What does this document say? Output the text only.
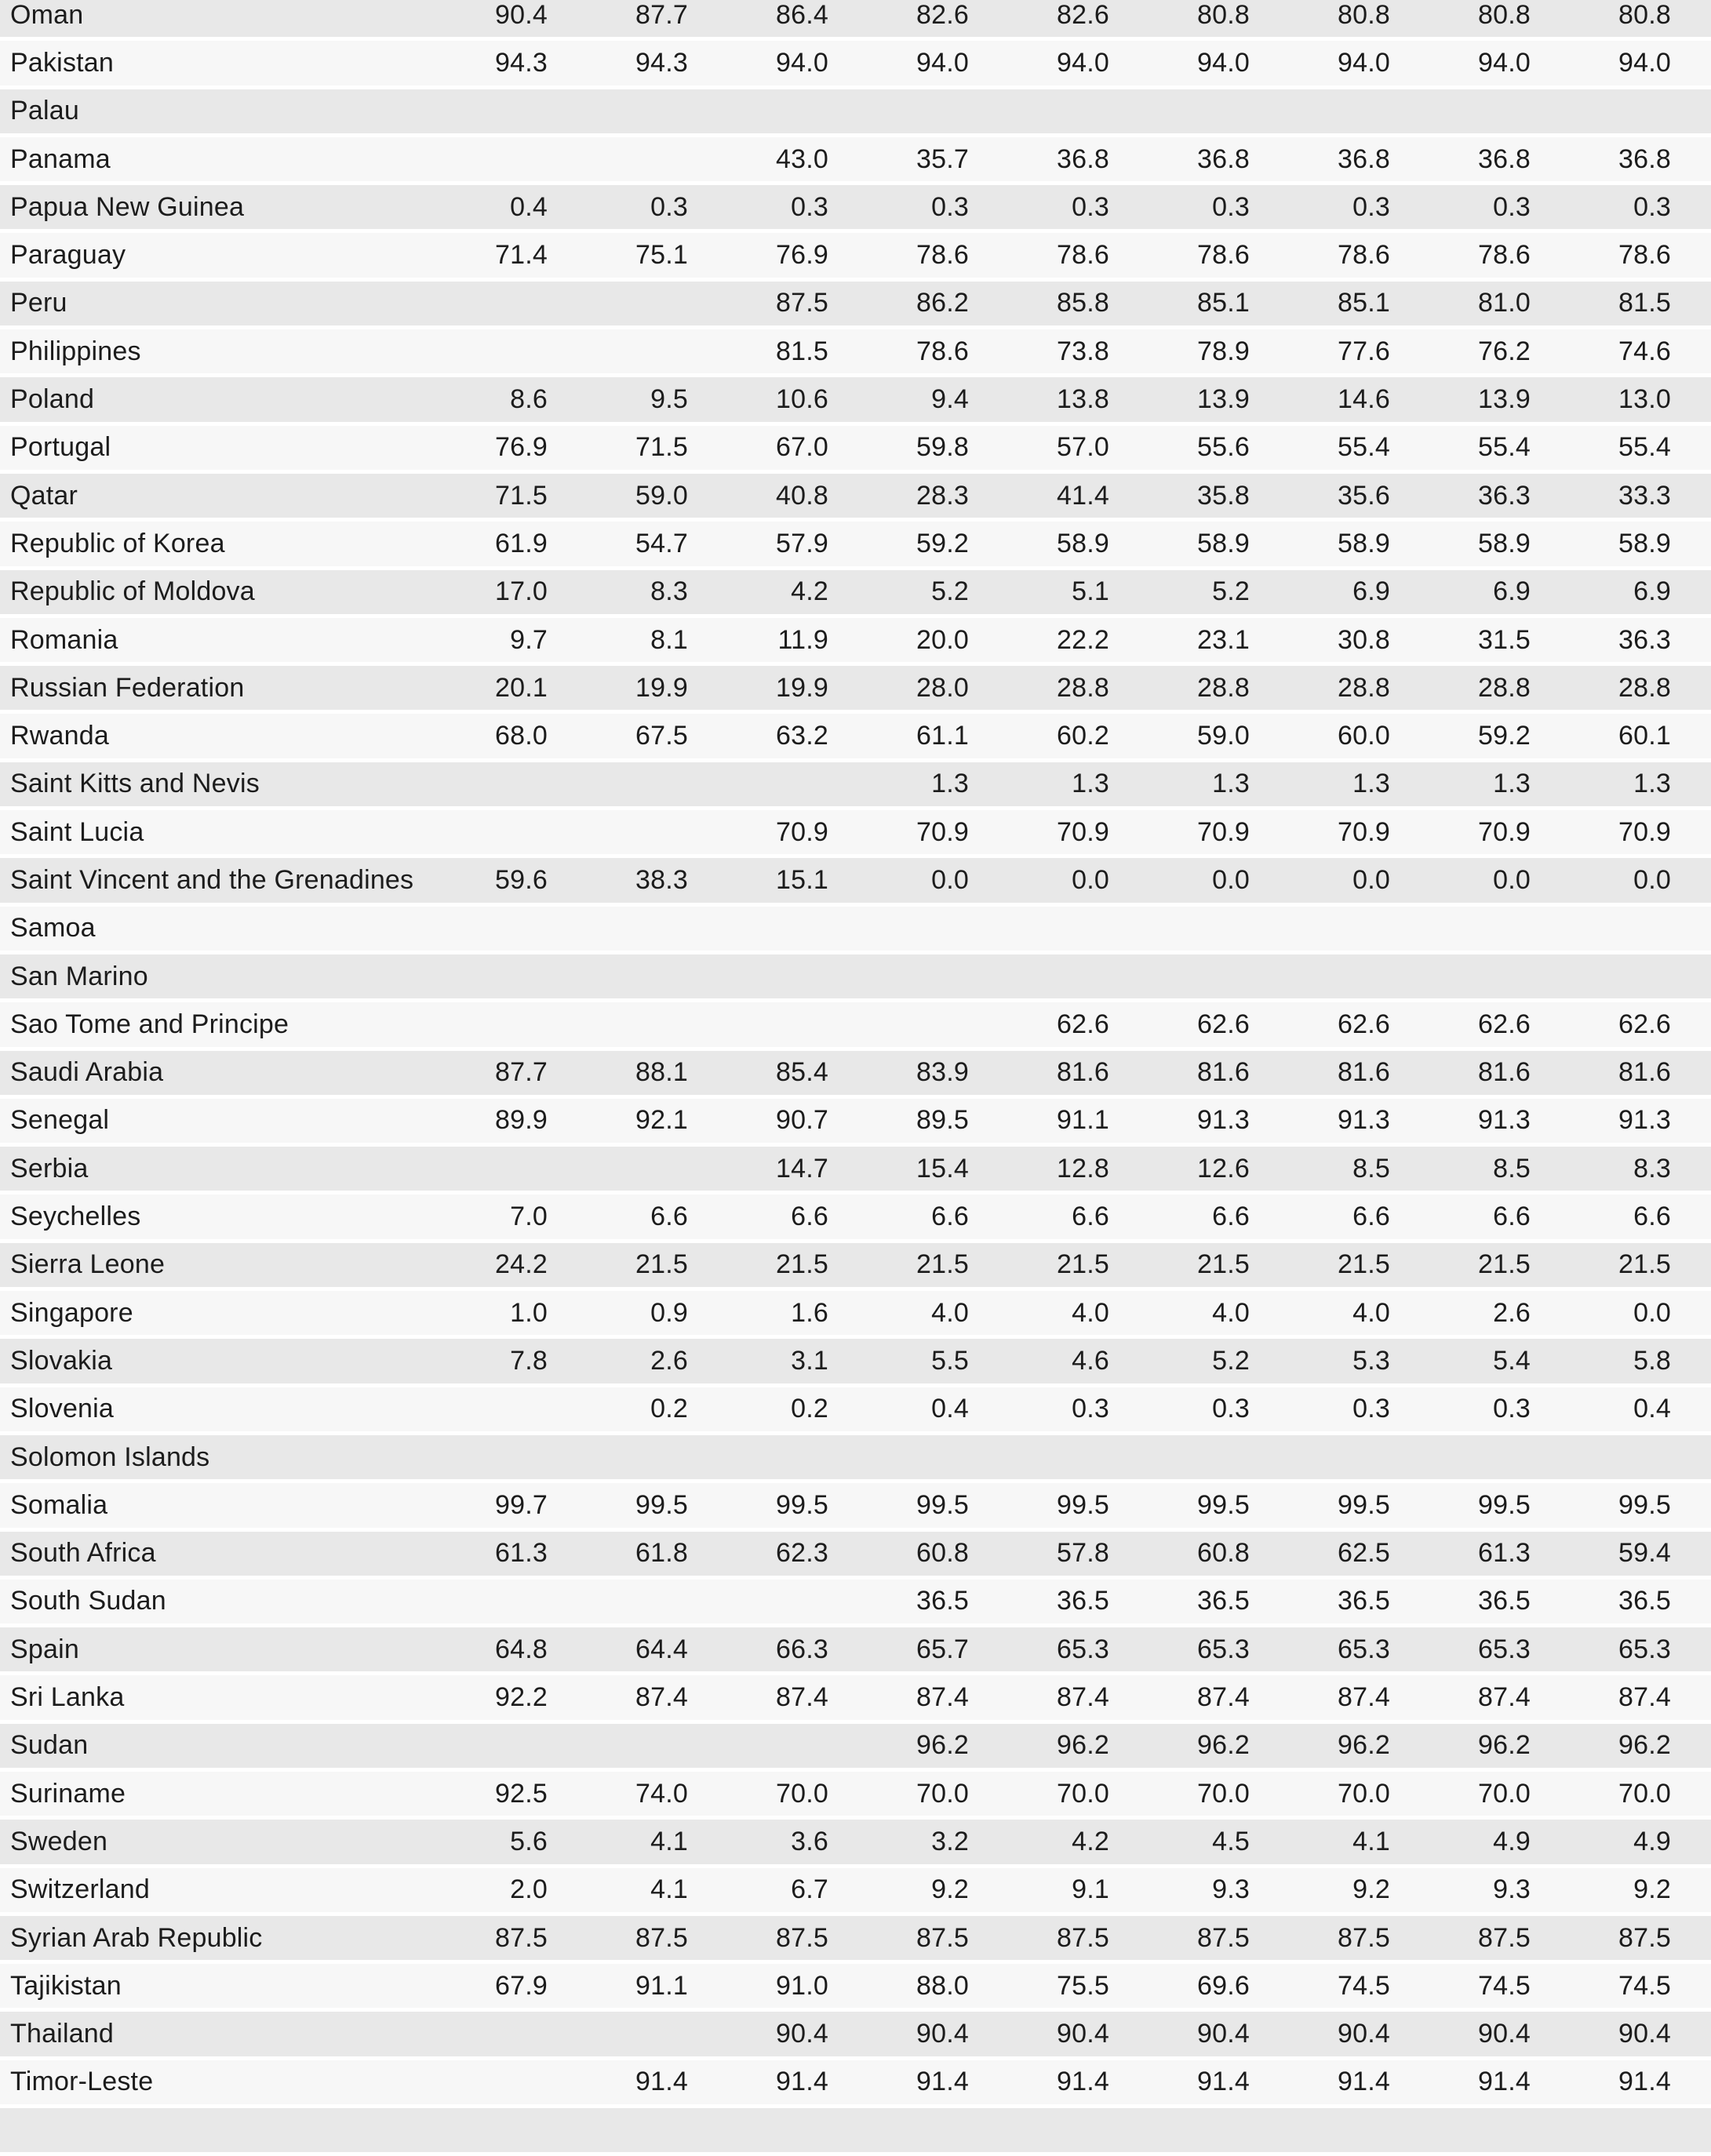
Oman	90.4	87.7	86.4	82.6	82.6	80.8	80.8	80.8	80.8
Pakistan	94.3	94.3	94.0	94.0	94.0	94.0	94.0	94.0	94.0
Palau									
Panama			43.0	35.7	36.8	36.8	36.8	36.8	36.8
Papua New Guinea	0.4	0.3	0.3	0.3	0.3	0.3	0.3	0.3	0.3
Paraguay	71.4	75.1	76.9	78.6	78.6	78.6	78.6	78.6	78.6
Peru			87.5	86.2	85.8	85.1	85.1	81.0	81.5
Philippines			81.5	78.6	73.8	78.9	77.6	76.2	74.6
Poland	8.6	9.5	10.6	9.4	13.8	13.9	14.6	13.9	13.0
Portugal	76.9	71.5	67.0	59.8	57.0	55.6	55.4	55.4	55.4
Qatar	71.5	59.0	40.8	28.3	41.4	35.8	35.6	36.3	33.3
Republic of Korea	61.9	54.7	57.9	59.2	58.9	58.9	58.9	58.9	58.9
Republic of Moldova	17.0	8.3	4.2	5.2	5.1	5.2	6.9	6.9	6.9
Romania	9.7	8.1	11.9	20.0	22.2	23.1	30.8	31.5	36.3
Russian Federation	20.1	19.9	19.9	28.0	28.8	28.8	28.8	28.8	28.8
Rwanda	68.0	67.5	63.2	61.1	60.2	59.0	60.0	59.2	60.1
Saint Kitts and Nevis				1.3	1.3	1.3	1.3	1.3	1.3
Saint Lucia			70.9	70.9	70.9	70.9	70.9	70.9	70.9
Saint Vincent and the Grenadines	59.6	38.3	15.1	0.0	0.0	0.0	0.0	0.0	0.0
Samoa									
San Marino									
Sao Tome and Principe					62.6	62.6	62.6	62.6	62.6
Saudi Arabia	87.7	88.1	85.4	83.9	81.6	81.6	81.6	81.6	81.6
Senegal	89.9	92.1	90.7	89.5	91.1	91.3	91.3	91.3	91.3
Serbia			14.7	15.4	12.8	12.6	8.5	8.5	8.3
Seychelles	7.0	6.6	6.6	6.6	6.6	6.6	6.6	6.6	6.6
Sierra Leone	24.2	21.5	21.5	21.5	21.5	21.5	21.5	21.5	21.5
Singapore	1.0	0.9	1.6	4.0	4.0	4.0	4.0	2.6	0.0
Slovakia	7.8	2.6	3.1	5.5	4.6	5.2	5.3	5.4	5.8
Slovenia		0.2	0.2	0.4	0.3	0.3	0.3	0.3	0.4
Solomon Islands									
Somalia	99.7	99.5	99.5	99.5	99.5	99.5	99.5	99.5	99.5
South Africa	61.3	61.8	62.3	60.8	57.8	60.8	62.5	61.3	59.4
South Sudan				36.5	36.5	36.5	36.5	36.5	36.5
Spain	64.8	64.4	66.3	65.7	65.3	65.3	65.3	65.3	65.3
Sri Lanka	92.2	87.4	87.4	87.4	87.4	87.4	87.4	87.4	87.4
Sudan				96.2	96.2	96.2	96.2	96.2	96.2
Suriname	92.5	74.0	70.0	70.0	70.0	70.0	70.0	70.0	70.0
Sweden	5.6	4.1	3.6	3.2	4.2	4.5	4.1	4.9	4.9
Switzerland	2.0	4.1	6.7	9.2	9.1	9.3	9.2	9.3	9.2
Syrian Arab Republic	87.5	87.5	87.5	87.5	87.5	87.5	87.5	87.5	87.5
Tajikistan	67.9	91.1	91.0	88.0	75.5	69.6	74.5	74.5	74.5
Thailand			90.4	90.4	90.4	90.4	90.4	90.4	90.4
Timor-Leste		91.4	91.4	91.4	91.4	91.4	91.4	91.4	91.4
